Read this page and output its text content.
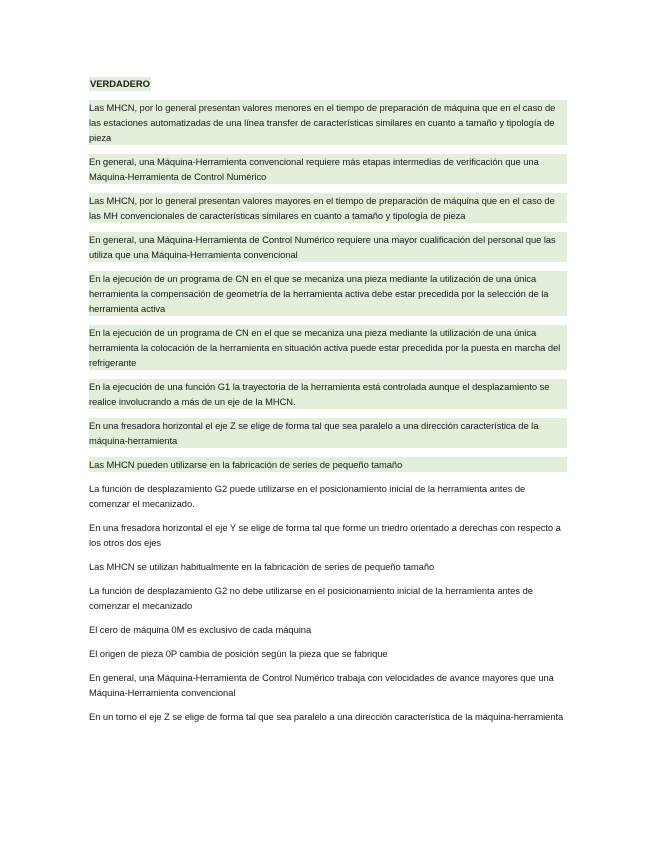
VERDADERO

Las MHCN, por lo general presentan valores menores en el tiempo de preparación de máquina que en el caso de las estaciones automatizadas de una línea transfer de características similares en cuanto a tamaño y tipología de pieza

En general, una Máquina-Herramienta convencional requiere más etapas intermedias de verificación que una Máquina-Herramienta de Control Numérico

Las MHCN, por lo general presentan valores mayores en el tiempo de preparación de máquina que en el caso de las MH convencionales de características similares en cuanto a tamaño y tipología de pieza

En general, una Máquina-Herramienta de Control Numérico requiere una mayor cualificación del personal que las utiliza que una Máquina-Herramienta convencional

En la ejecución de un programa de CN en el que se mecaniza una pieza mediante la utilización de una única herramienta la compensación de geometría de la herramienta activa debe estar precedida por la selección de la herramienta activa

En la ejecución de un programa de CN en el que se mecaniza una pieza mediante la utilización de una única herramienta la colocación de la herramienta en situación activa puede estar precedida por la puesta en marcha del refrigerante

En la ejecución de una función G1 la trayectoria de la herramienta está controlada aunque el desplazamiento se realice involucrando a más de un eje de la MHCN.

En una fresadora horizontal el eje Z se elige de forma tal que sea paralelo a una dirección característica de la máquina-herramienta

Las MHCN pueden utilizarse en la fabricación de series de pequeño tamaño

La función de desplazamiento G2 puede utilizarse en el posicionamiento inicial de la herramienta antes de comenzar el mecanizado.

En una fresadora horizontal el eje Y se elige de forma tal que forme un triedro orientado a derechas con respecto a los otros dos ejes

Las MHCN se utilizan habitualmente en la fabricación de series de pequeño tamaño

La función de desplazamiento G2 no debe utilizarse en el posicionamiento inicial de la herramienta antes de comenzar el mecanizado

El cero de máquina 0M es exclusivo de cada máquina

El origen de pieza 0P cambia de posición según la pieza que se fabrique

En general, una Máquina-Herramienta de Control Numérico trabaja con velocidades de avance mayores que una Máquina-Herramienta convencional

En un torno el eje Z se elige de forma tal que sea paralelo a una dirección característica de la máquina-herramienta
